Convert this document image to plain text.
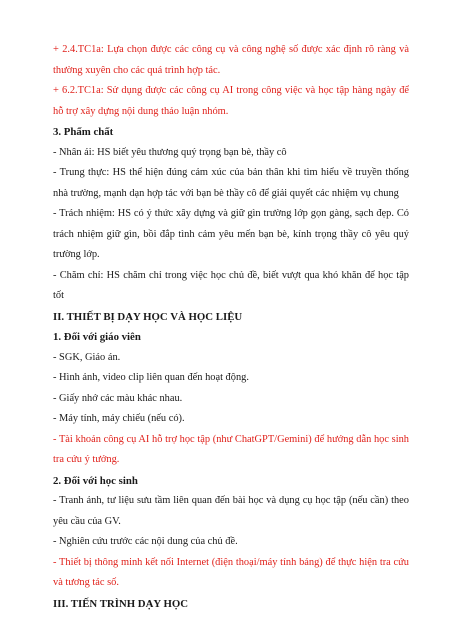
+ 2.4.TC1a: Lựa chọn được các công cụ và công nghệ số được xác định rõ ràng và thường xuyên cho các quá trình hợp tác.

+ 6.2.TC1a: Sử dụng được các công cụ AI trong công việc và học tập hàng ngày để hỗ trợ xây dựng nội dung thảo luận nhóm.

3. Phẩm chất

- Nhân ái: HS biết yêu thương quý trọng bạn bè, thầy cô

- Trung thực: HS thể hiện đúng cảm xúc của bản thân khi tìm hiểu về truyền thống nhà trường, mạnh dạn hợp tác với bạn bè thầy cô để giải quyết các nhiệm vụ chung

- Trách nhiệm: HS có ý thức xây dựng và giữ gìn trường lớp gọn gàng, sạch đẹp. Có trách nhiệm giữ gìn, bồi đắp tình cảm yêu mến bạn bè, kính trọng thầy cô yêu quý trường lớp.

- Chăm chỉ: HS chăm chỉ trong việc học chủ đề, biết vượt qua khó khăn để học tập tốt

II. THIẾT BỊ DẠY HỌC VÀ HỌC LIỆU

1. Đối với giáo viên

- SGK, Giáo án.

- Hình ảnh, video clip liên quan đến hoạt động.

- Giấy nhớ các màu khác nhau.

- Máy tính, máy chiếu (nếu có).

- Tài khoản công cụ AI hỗ trợ học tập (như ChatGPT/Gemini) để hướng dẫn học sinh tra cứu ý tưởng.

2. Đối với học sinh

- Tranh ảnh, tư liệu sưu tầm liên quan đến bài học và dụng cụ học tập (nếu cần) theo yêu cầu của GV.

- Nghiên cứu trước các nội dung của chủ đề.

- Thiết bị thông minh kết nối Internet (điện thoại/máy tính bảng) để thực hiện tra cứu và tương tác số.

III. TIẾN TRÌNH DẠY HỌC
